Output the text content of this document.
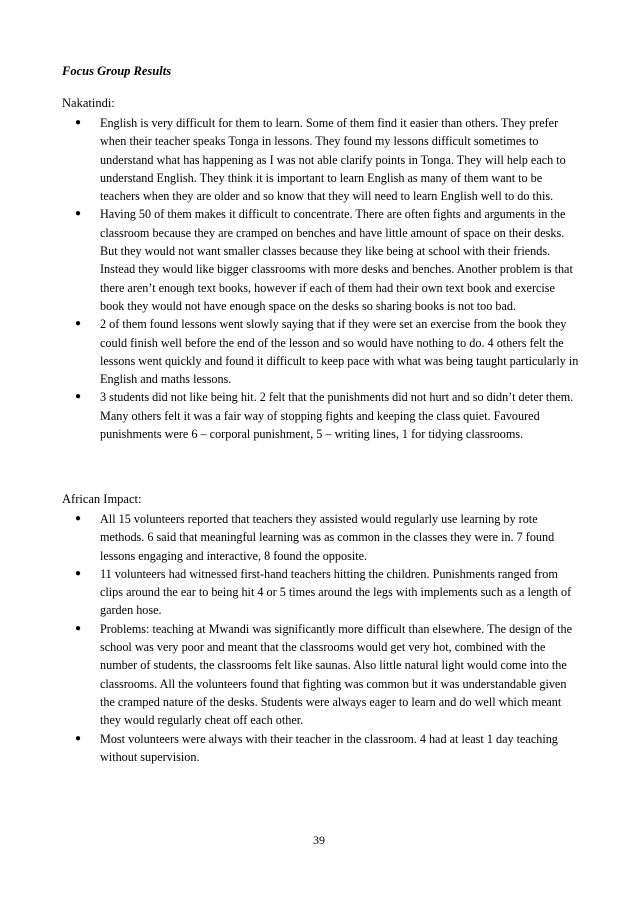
Focus Group Results
Nakatindi:
● English is very difficult for them to learn. Some of them find it easier than others. They prefer when their teacher speaks Tonga in lessons. They found my lessons difficult sometimes to understand what has happening as I was not able clarify points in Tonga. They will help each to understand English. They think it is important to learn English as many of them want to be teachers when they are older and so know that they will need to learn English well to do this.
● Having 50 of them makes it difficult to concentrate. There are often fights and arguments in the classroom because they are cramped on benches and have little amount of space on their desks. But they would not want smaller classes because they like being at school with their friends. Instead they would like bigger classrooms with more desks and benches. Another problem is that there aren’t enough text books, however if each of them had their own text book and exercise book they would not have enough space on the desks so sharing books is not too bad.
● 2 of them found lessons went slowly saying that if they were set an exercise from the book they could finish well before the end of the lesson and so would have nothing to do. 4 others felt the lessons went quickly and found it difficult to keep pace with what was being taught particularly in English and maths lessons.
● 3 students did not like being hit. 2 felt that the punishments did not hurt and so didn’t deter them. Many others felt it was a fair way of stopping fights and keeping the class quiet. Favoured punishments were 6 – corporal punishment, 5 – writing lines, 1 for tidying classrooms.
African Impact:
● All 15 volunteers reported that teachers they assisted would regularly use learning by rote methods. 6 said that meaningful learning was as common in the classes they were in. 7 found lessons engaging and interactive, 8 found the opposite.
● 11 volunteers had witnessed first-hand teachers hitting the children. Punishments ranged from clips around the ear to being hit 4 or 5 times around the legs with implements such as a length of garden hose.
● Problems: teaching at Mwandi was significantly more difficult than elsewhere. The design of the school was very poor and meant that the classrooms would get very hot, combined with the number of students, the classrooms felt like saunas. Also little natural light would come into the classrooms. All the volunteers found that fighting was common but it was understandable given the cramped nature of the desks. Students were always eager to learn and do well which meant they would regularly cheat off each other.
● Most volunteers were always with their teacher in the classroom. 4 had at least 1 day teaching without supervision.
39
